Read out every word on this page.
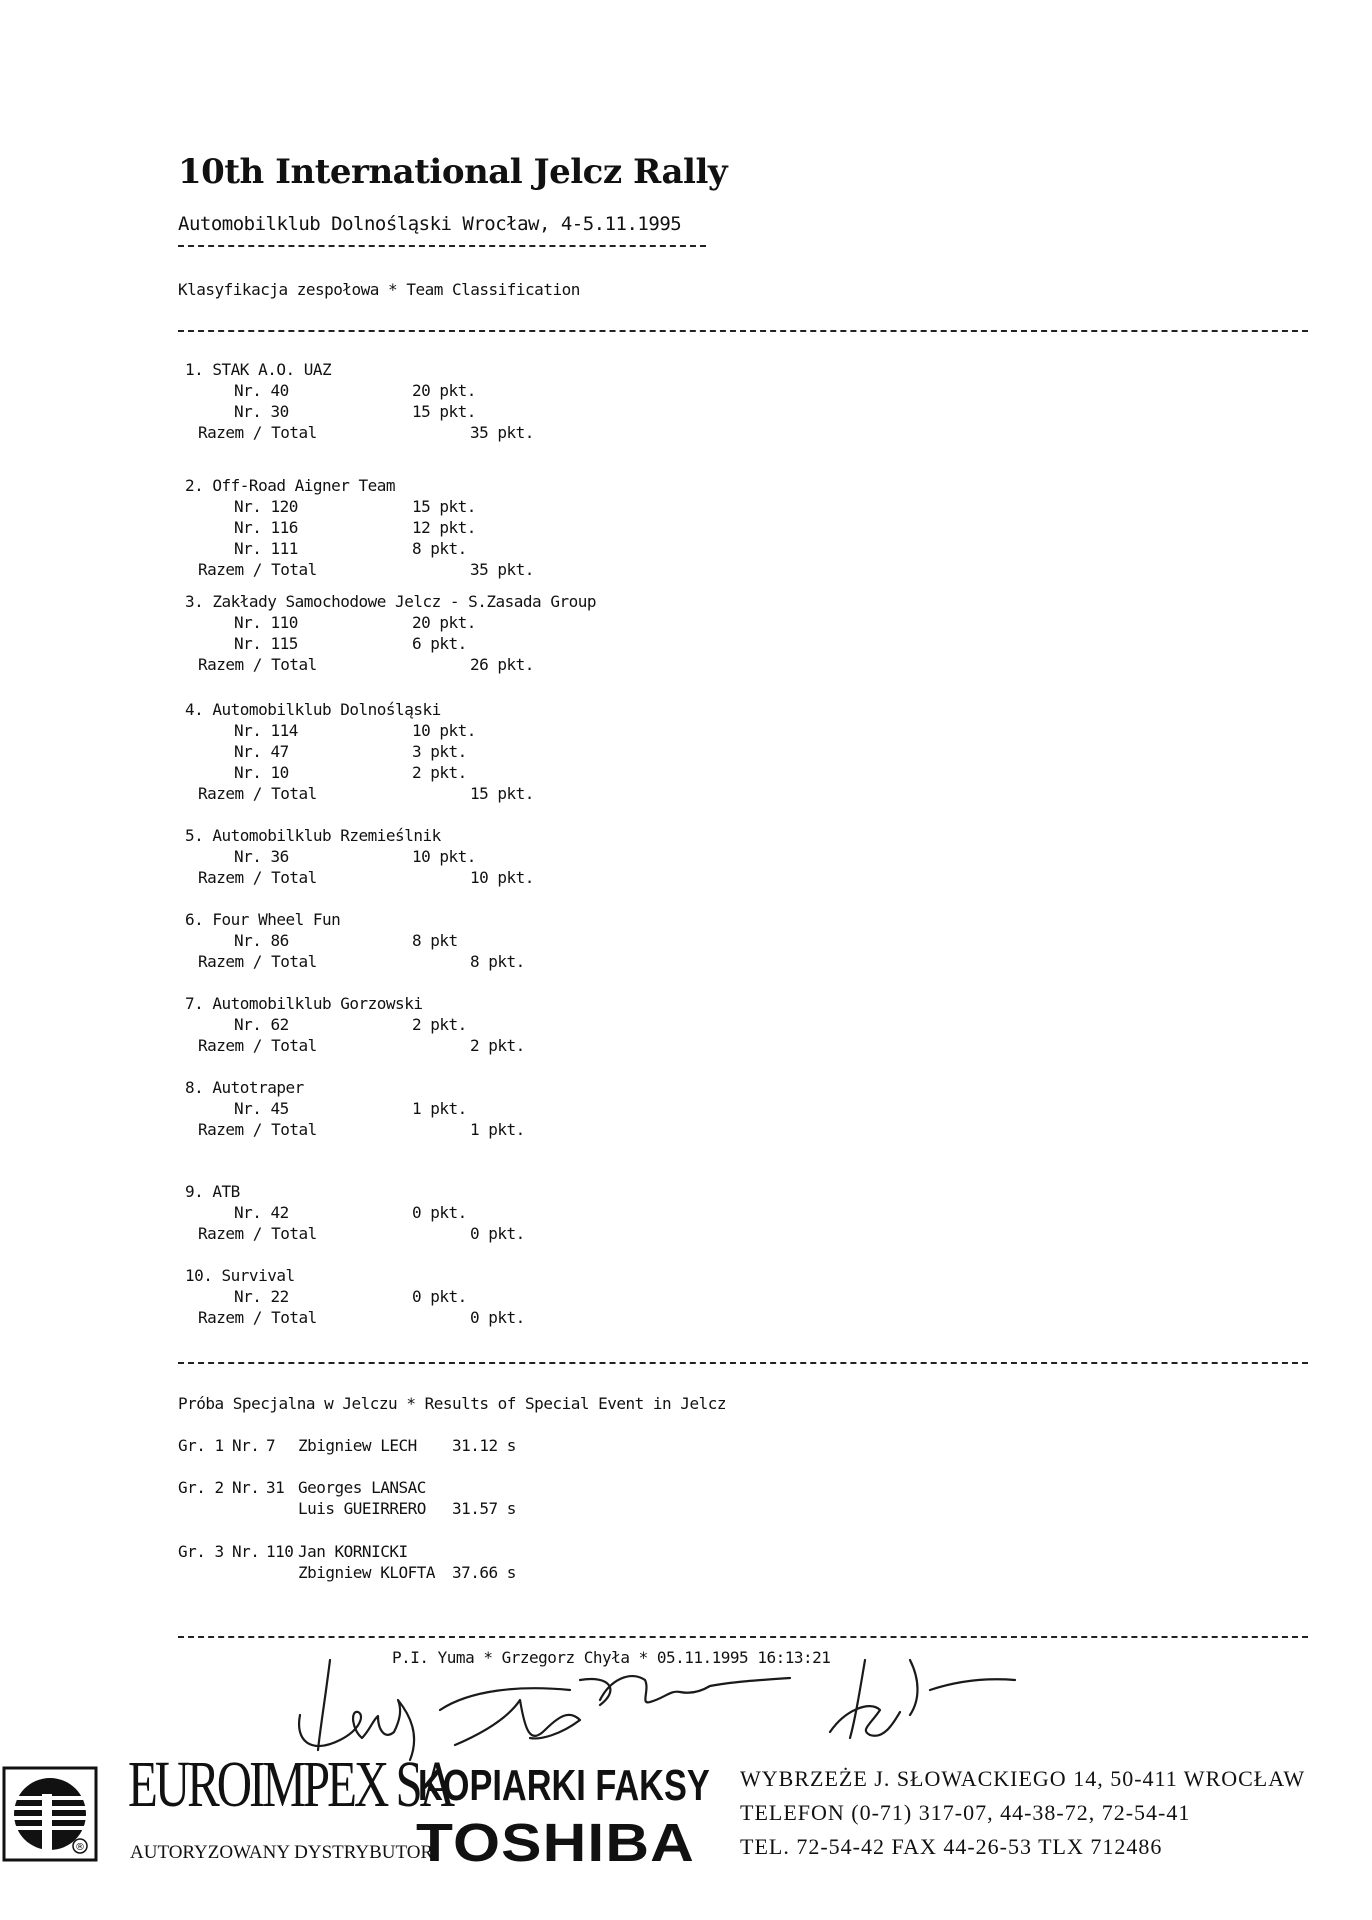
10th International Jelcz Rally
Automobilklub Dolnośląski Wrocław, 4-5.11.1995
Klasyfikacja zespołowa * Team Classification
1. STAK A.O. UAZ
Nr. 40	20 pkt.
Nr. 30	15 pkt.
Razem / Total	35 pkt.
2. Off-Road Aigner Team
Nr. 120	15 pkt.
Nr. 116	12 pkt.
Nr. 111	8 pkt.
Razem / Total	35 pkt.
3. Zakłady Samochodowe Jelcz - S.Zasada Group
Nr. 110	20 pkt.
Nr. 115	6 pkt.
Razem / Total	26 pkt.
4. Automobilklub Dolnośląski
Nr. 114	10 pkt.
Nr. 47	3 pkt.
Nr. 10	2 pkt.
Razem / Total	15 pkt.
5. Automobilklub Rzemieślnik
Nr. 36	10 pkt.
Razem / Total	10 pkt.
6. Four Wheel Fun
Nr. 86	8 pkt
Razem / Total	8 pkt.
7. Automobilklub Gorzowski
Nr. 62	2 pkt.
Razem / Total	2 pkt.
8. Autotraper
Nr. 45	1 pkt.
Razem / Total	1 pkt.
9. ATB
Nr. 42	0 pkt.
Razem / Total	0 pkt.
10. Survival
Nr. 22	0 pkt.
Razem / Total	0 pkt.
Próba Specjalna w Jelczu * Results of Special Event in Jelcz
Gr. 1 Nr. 7 Zbigniew LECH 31.12 s
Gr. 2 Nr. 31 Georges LANSAC
Luis GUEIRRERO 31.57 s
Gr. 3 Nr. 110 Jan KORNICKI
Zbigniew KLOFTA 37.66 s
P.I. Yuma * Grzegorz Chyła * 05.11.1995 16:13:21
®
EUROIMPEX SA
AUTORYZOWANY DYSTRYBUTOR
KOPIARKI FAKSY
TOSHIBA
WYBRZEŻE J. SŁOWACKIEGO 14, 50-411 WROCŁAW
TELEFON (0-71) 317-07, 44-38-72, 72-54-41
TEL. 72-54-42 FAX 44-26-53 TLX 712486
